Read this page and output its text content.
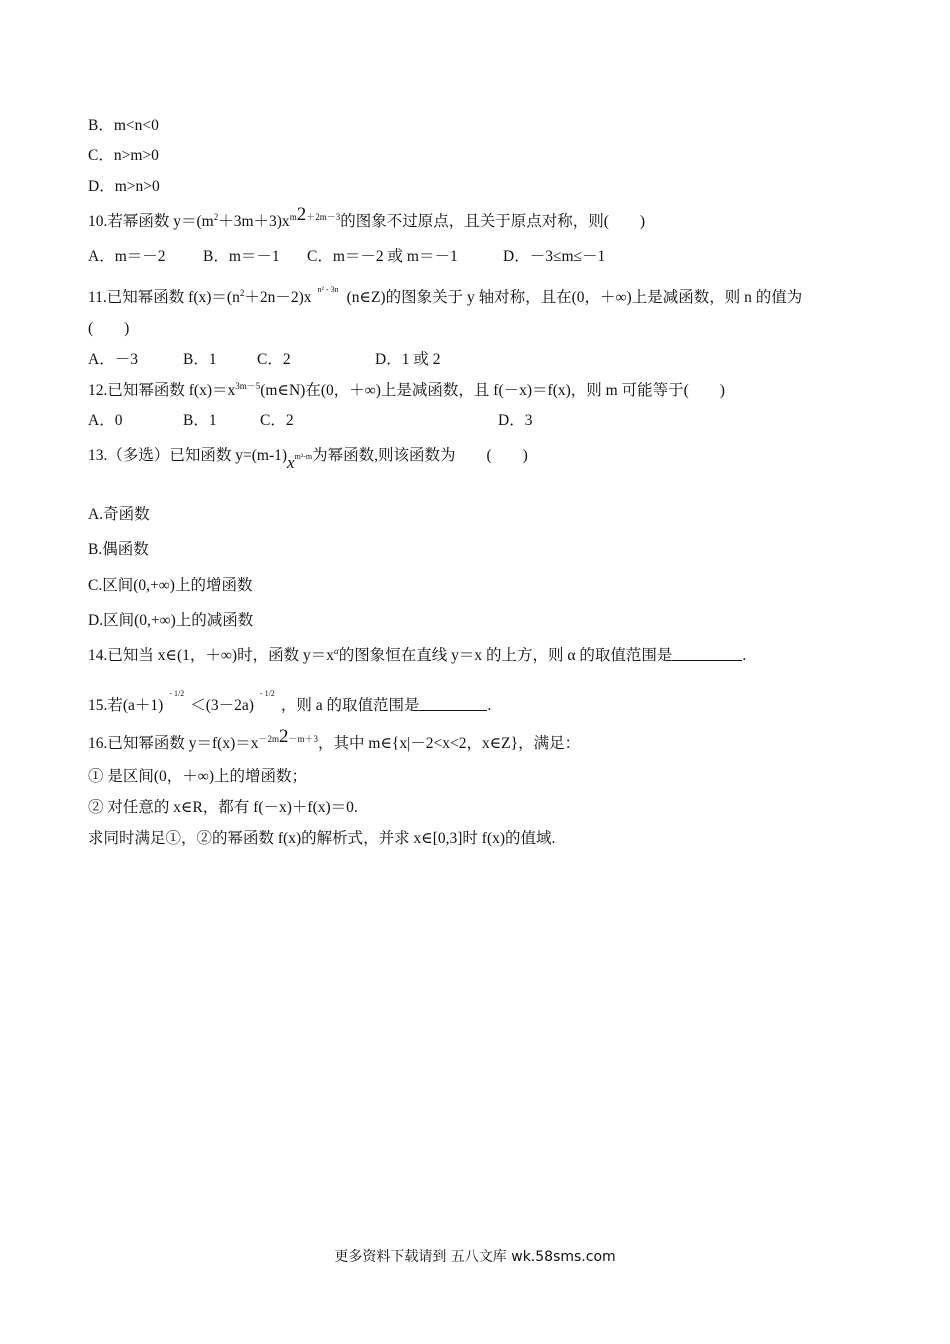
B．m<n<0
C．n>m>0
D．m>n>0
10.若幂函数 $y=(m^2+3m+3)x^m2^{+2m-3}$的图象不过原点，且关于原点对称，则(　　)
A．m＝－2 B．m＝－1 C．m＝－2 或 m＝－1	D．－3≤m≤－1
11.已知幂函数 $f(x)=(n^2+2n-2)x$ $^{n^2 - 3n}$ (n∈Z)的图象关于 y 轴对称，且在(0，＋∞)上是减函数，则 n 的值为
(　　)
A．－3	B．1	C．2	D．1 或 2
12.已知幂函数 $f(x)=x^{3m-5}(m\in N)$在(0，＋∞)上是减函数，且 f(－x)＝f(x)，则 m 可能等于(　　)
A．0	B．1	C．2	D．3
13.（多选）已知函数 y=(m-1)xm²-m为幂函数,则该函数为　　(　　)
A.奇函数
B.偶函数
C.区间(0,+∞)上的增函数
D.区间(0,+∞)上的减函数
14.已知当 x∈(1，＋∞)时，函数 $y=x^\alpha$的图象恒在直线 y＝x 的上方，则 α 的取值范围是	.
15.若$(a+1)^{- 1/2}<(3-2a)^{- 1/2}$，则 a 的取值范围是	.
16.已知幂函数 $y=f(x)=x^{-2m}2^{-m+3}$，其中 m∈{x|－2<x<2，x∈Z}，满足：
① 是区间(0，＋∞)上的增函数；
② 对任意的 x∈R，都有 f(－x)＋f(x)＝0.
求同时满足①，②的幂函数 f(x)的解析式，并求 x∈[0,3]时 f(x)的值域.
更多资料下载请到 五八文库 wk.58sms.com
